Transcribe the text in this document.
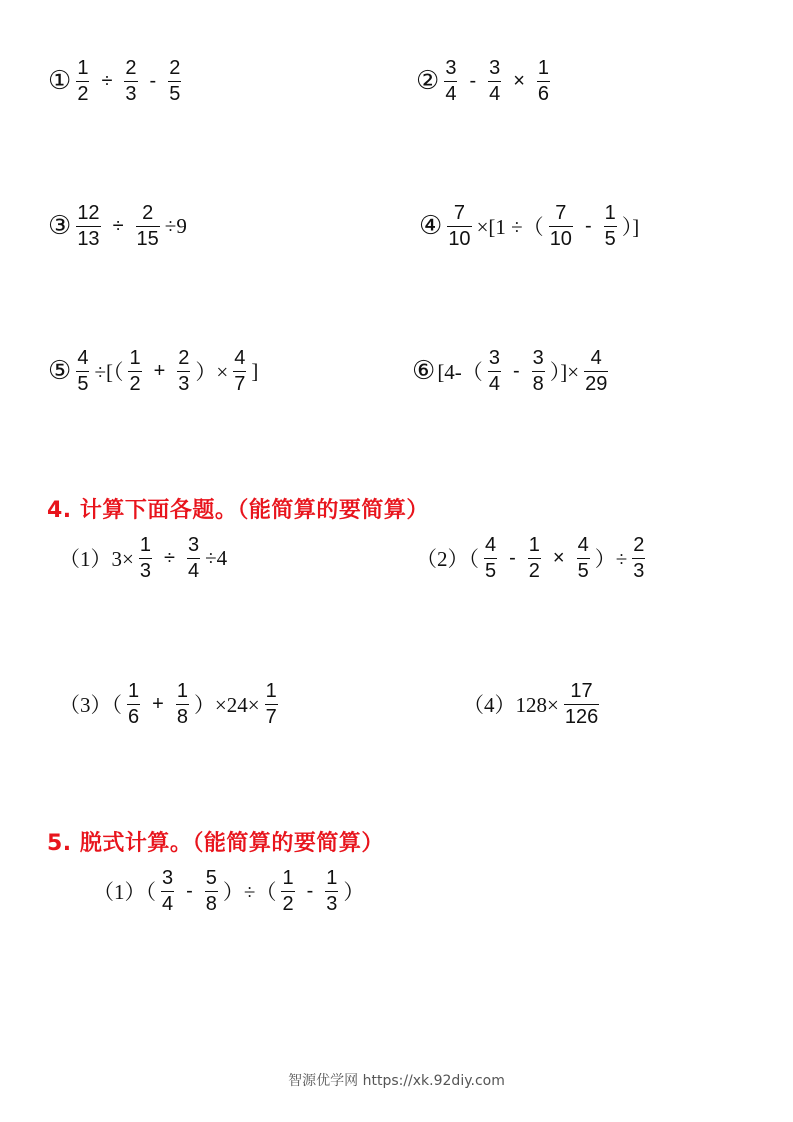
① $\frac{1}{2} \div \frac{2}{3} - \frac{2}{5}$	② $\frac{3}{4} - \frac{3}{4} \times \frac{1}{6}$
③ $\frac{12}{13} \div \frac{2}{15} \div 9$	④ $\frac{7}{10} \times[1$ ÷（ $\frac{7}{10} - \frac{1}{5}$ ）]
⑤ $\frac{4}{5}$ ÷[（ $\frac{1}{2} + \frac{2}{3}$ ）× $\frac{4}{7}$ ]	⑥ [$4-( \frac{3}{4} - \frac{3}{8}$ ）]× $\frac{4}{29}$
4. 计算下面各题。（能简算的要简算）
$(1)3\times \frac{1}{3} \div \frac{3}{4} \div 4$	$(2)( \frac{4}{5} - \frac{1}{2} \times \frac{4}{5}$ ）÷ $\frac{2}{3}$
$(3)( \frac{1}{6} + \frac{1}{8} )\times 24\times \frac{1}{7}$	$(4)128\times \frac{17}{126}$
5. 脱式计算。（能简算的要简算）
$(1)( \frac{3}{4} - \frac{5}{8}$ ）÷（ $\frac{1}{2} - \frac{1}{3}$ ）
智源优学网 https://xk.92diy.com
